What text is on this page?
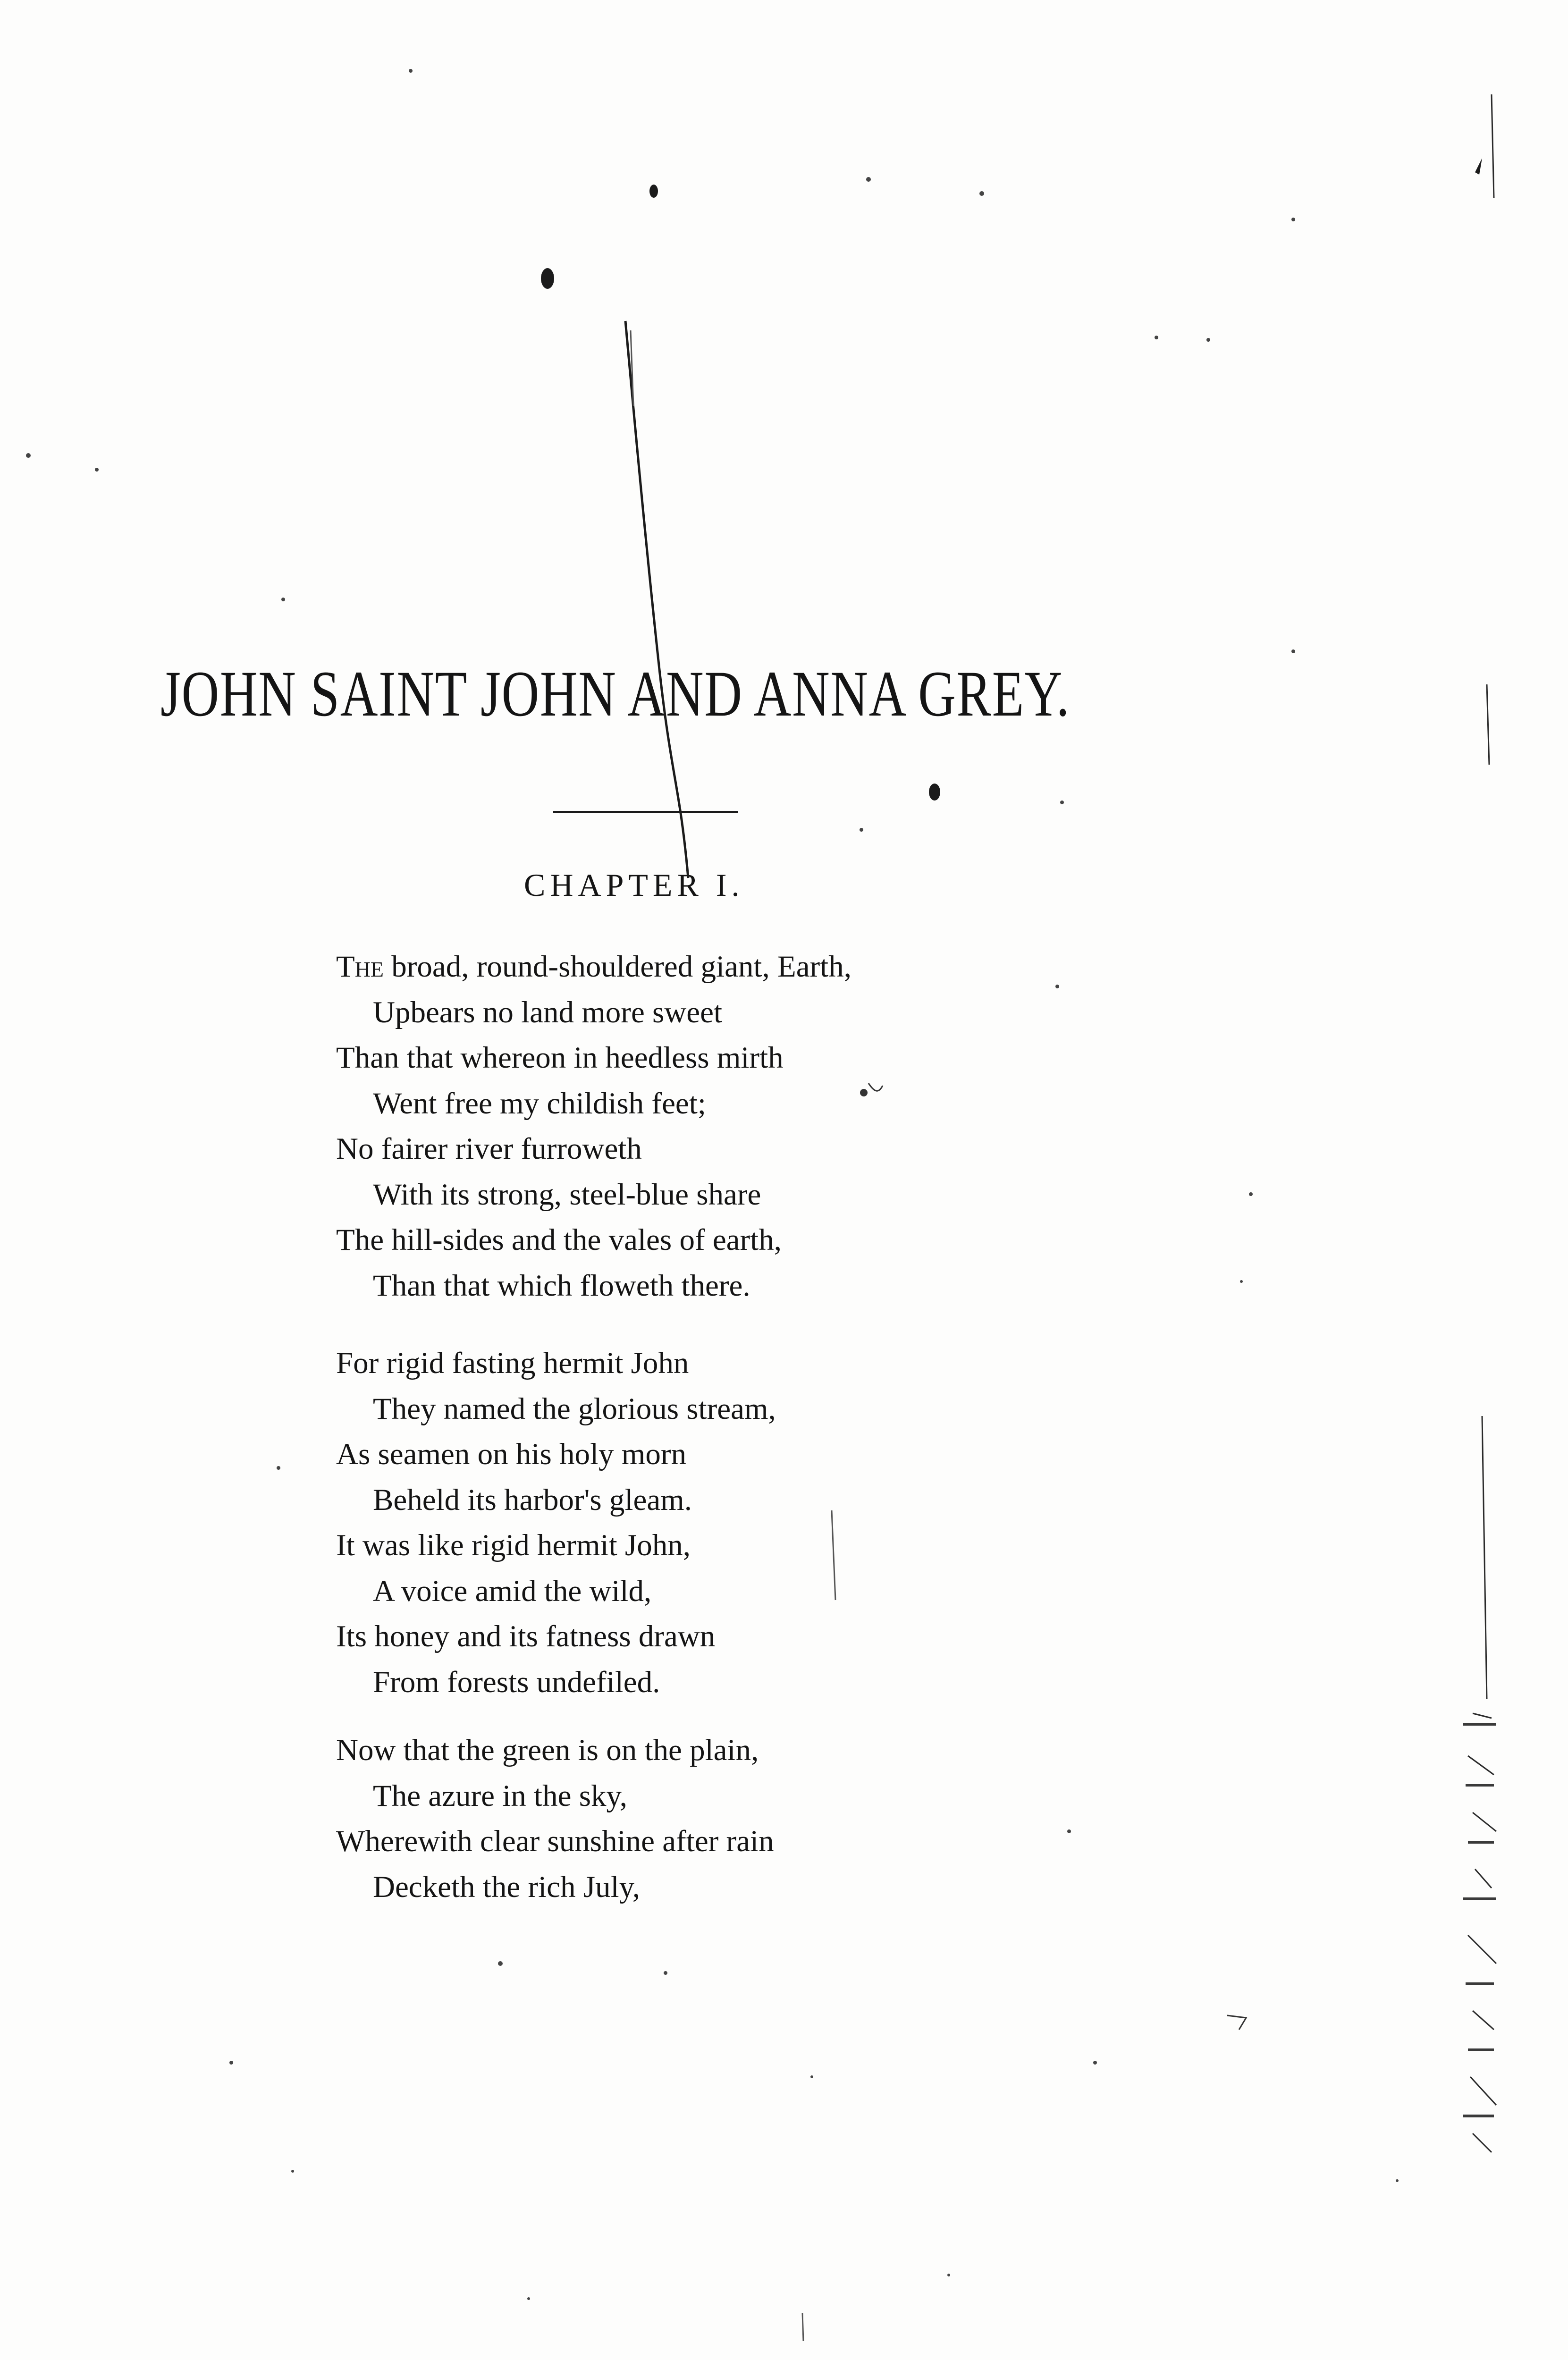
JOHN SAINT JOHN AND ANNA GREY.
CHAPTER I.
The broad, round-shouldered giant, Earth,
Upbears no land more sweet
Than that whereon in heedless mirth
Went free my childish feet;
No fairer river furroweth
With its strong, steel-blue share
The hill-sides and the vales of earth,
Than that which floweth there.
For rigid fasting hermit John
They named the glorious stream,
As seamen on his holy morn
Beheld its harbor's gleam.
It was like rigid hermit John,
A voice amid the wild,
Its honey and its fatness drawn
From forests undefiled.
Now that the green is on the plain,
The azure in the sky,
Wherewith clear sunshine after rain
Decketh the rich July,
